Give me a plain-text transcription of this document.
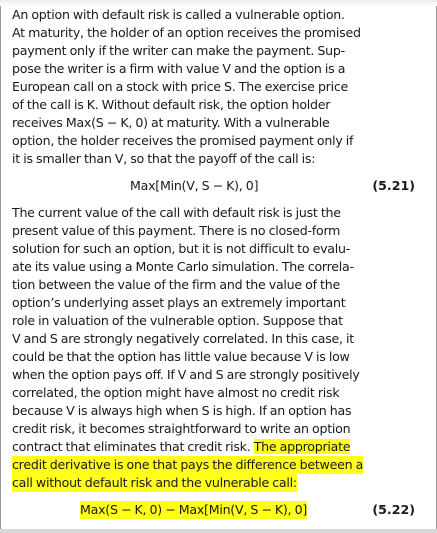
An option with default risk is called a vulnerable option.
At maturity, the holder of an option receives the promised
payment only if the writer can make the payment. Sup-
pose the writer is a firm with value V and the option is a
European call on a stock with price S. The exercise price
of the call is K. Without default risk, the option holder
receives Max(S − K, 0) at maturity. With a vulnerable
option, the holder receives the promised payment only if
it is smaller than V, so that the payoff of the call is:

Max[Min(V, S − K), 0]

	(5.21)

The current value of the call with default risk is just the
present value of this payment. There is no closed-form
solution for such an option, but it is not difficult to evalu-
ate its value using a Monte Carlo simulation. The correla-
tion between the value of the firm and the value of the
option’s underlying asset plays an extremely important
role in valuation of the vulnerable option. Suppose that
V and S are strongly negatively correlated. In this case, it
could be that the option has little value because V is low
when the option pays off. If V and S are strongly positively
correlated, the option might have almost no credit risk
because V is always high when S is high. If an option has
credit risk, it becomes straightforward to write an option
contract that eliminates that credit risk. The appropriate
credit derivative is one that pays the difference between a
call without default risk and the vulnerable call:

Max(S − K, 0) − Max[Min(V, S − K), 0]

	(5.22)
